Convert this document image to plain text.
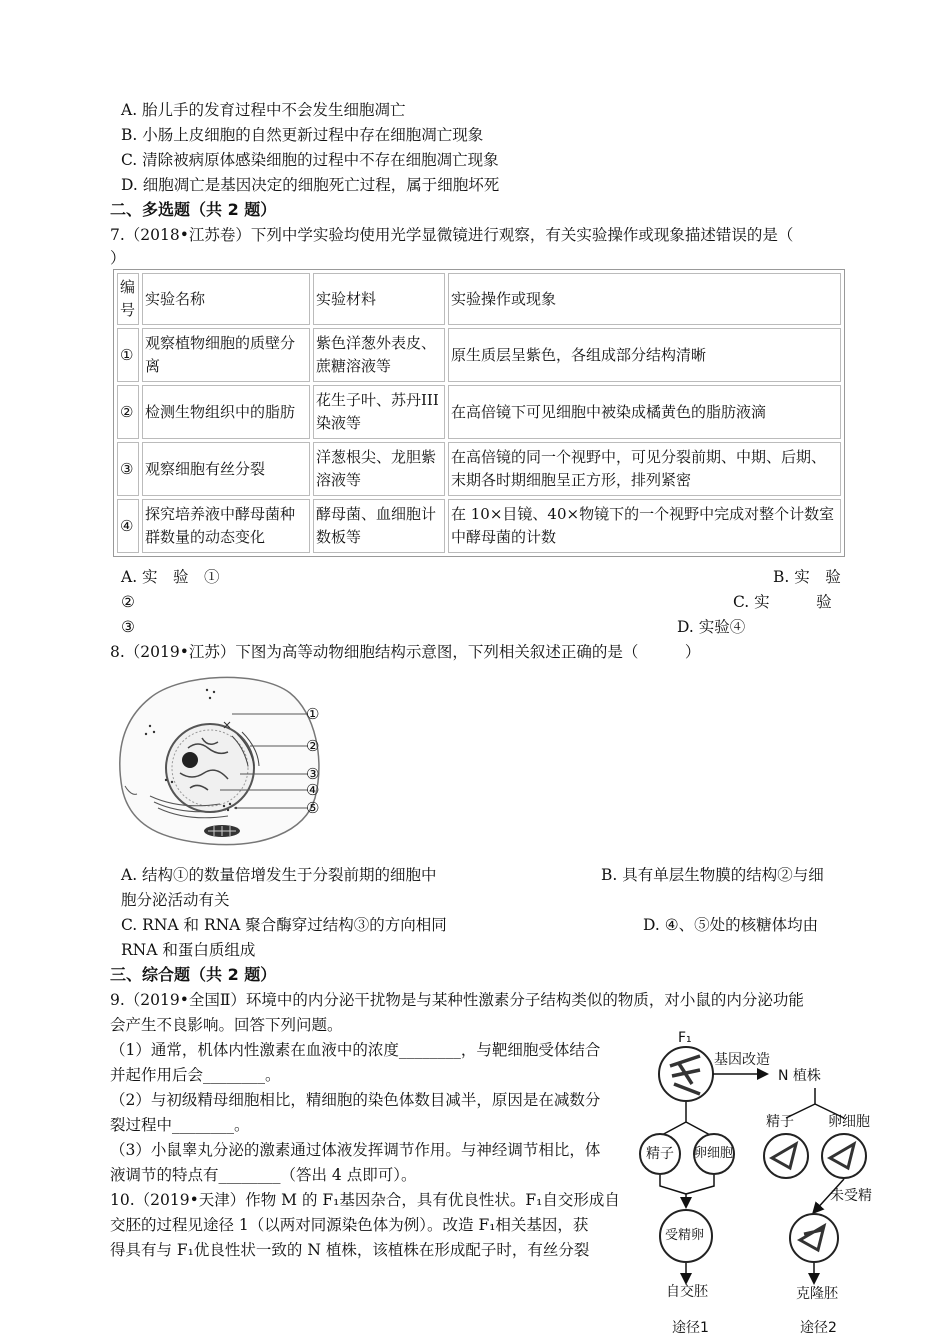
A. 胎儿手的发育过程中不会发生细胞凋亡
B. 小肠上皮细胞的自然更新过程中存在细胞凋亡现象
C. 清除被病原体感染细胞的过程中不存在细胞凋亡现象
D. 细胞凋亡是基因决定的细胞死亡过程，属于细胞坏死
二、多选题（共 2 题）
7.（2018•江苏卷）下列中学实验均使用光学显微镜进行观察，有关实验操作或现象描述错误的是（
）
编号	实验名称	实验材料	实验操作或现象
①	观察植物细胞的质壁分离	紫色洋葱外表皮、蔗糖溶液等	原生质层呈紫色，各组成部分结构清晰
②	检测生物组织中的脂肪	花生子叶、苏丹III染液等	在高倍镜下可见细胞中被染成橘黄色的脂肪液滴
③	观察细胞有丝分裂	洋葱根尖、龙胆紫溶液等	在高倍镜的同一个视野中，可见分裂前期、中期、后期、末期各时期细胞呈正方形，排列紧密
④	探究培养液中酵母菌种群数量的动态变化	酵母菌、血细胞计数板等	在 10×目镜、40×物镜下的一个视野中完成对整个计数室中酵母菌的计数
A. 实　验　①	B. 实　验
②	C. 实　　　验
③	D. 实验④
8.（2019•江苏）下图为高等动物细胞结构示意图，下列相关叙述正确的是（　　　）
①
②
③
④
⑤
A. 结构①的数量倍增发生于分裂前期的细胞中	B. 具有单层生物膜的结构②与细
胞分泌活动有关
C. RNA 和 RNA 聚合酶穿过结构③的方向相同	D. ④、⑤处的核糖体均由
RNA 和蛋白质组成
三、综合题（共 2 题）
9.（2019•全国Ⅱ）环境中的内分泌干扰物是与某种性激素分子结构类似的物质，对小鼠的内分泌功能
会产生不良影响。回答下列问题。
（1）通常，机体内性激素在血液中的浓度________，与靶细胞受体结合
并起作用后会________。
（2）与初级精母细胞相比，精细胞的染色体数目减半，原因是在减数分
裂过程中________。
（3）小鼠睾丸分泌的激素通过体液发挥调节作用。与神经调节相比，体
液调节的特点有________（答出 4 点即可）。
10.（2019•天津）作物 M 的 F₁基因杂合，具有优良性状。F₁自交形成自
交胚的过程见途径 1（以两对同源染色体为例）。改造 F₁相关基因，获
得具有与 F₁优良性状一致的 N 植株，该植株在形成配子时，有丝分裂
F₁
基因改造
N 植株
精子 卵细胞
精子 卵细胞
受精卵
未受精
自交胚	克隆胚
途径1	途径2
